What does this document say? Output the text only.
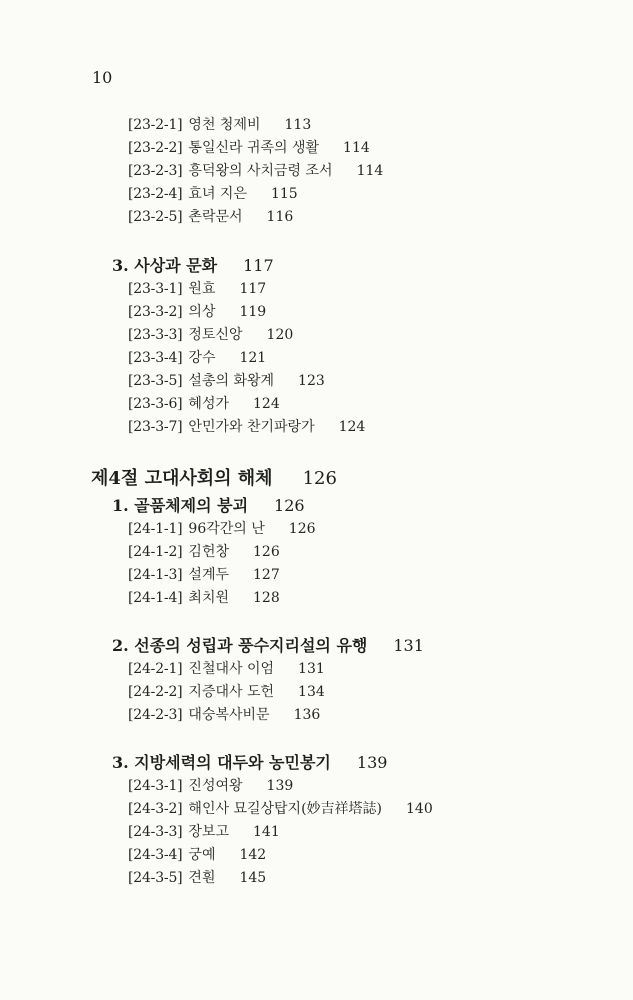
10
[23-2-1] 영천 청제비 113
[23-2-2] 통일신라 귀족의 생활 114
[23-2-3] 흥덕왕의 사치금령 조서 114
[23-2-4] 효녀 지은 115
[23-2-5] 촌락문서 116
3. 사상과 문화 117
[23-3-1] 원효 117
[23-3-2] 의상 119
[23-3-3] 정토신앙 120
[23-3-4] 강수 121
[23-3-5] 설총의 화왕계 123
[23-3-6] 혜성가 124
[23-3-7] 안민가와 찬기파랑가 124
제4절 고대사회의 해체 126
1. 골품체제의 붕괴 126
[24-1-1] 96각간의 난 126
[24-1-2] 김헌창 126
[24-1-3] 설계두 127
[24-1-4] 최치원 128
2. 선종의 성립과 풍수지리설의 유행 131
[24-2-1] 진철대사 이엄 131
[24-2-2] 지증대사 도헌 134
[24-2-3] 대숭복사비문 136
3. 지방세력의 대두와 농민봉기 139
[24-3-1] 진성여왕 139
[24-3-2] 해인사 묘길상탑지(妙吉祥塔誌) 140
[24-3-3] 장보고 141
[24-3-4] 궁예 142
[24-3-5] 견훤 145
